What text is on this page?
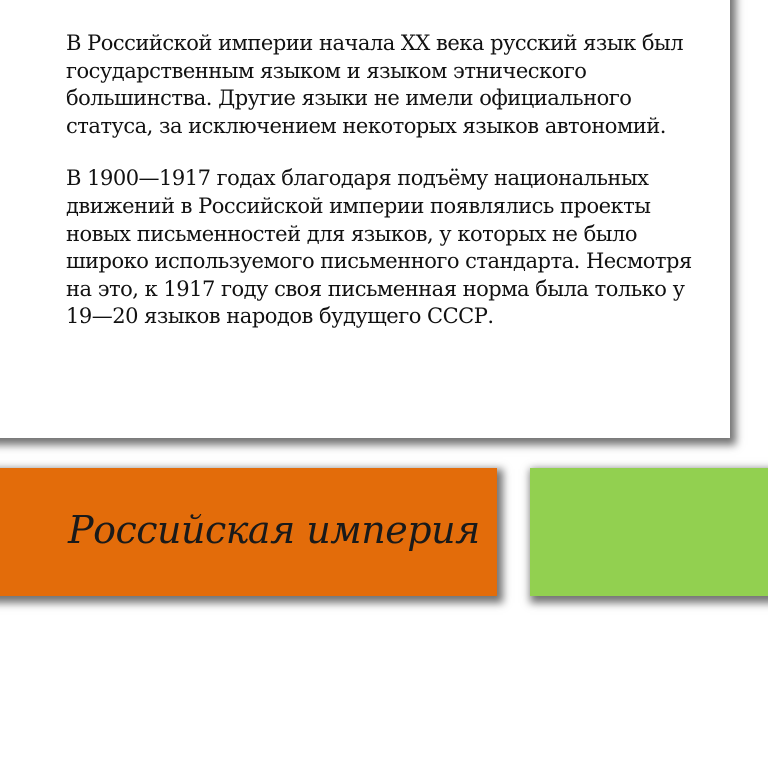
В Российской империи начала XX века русский язык был государственным языком и языком этнического большинства. Другие языки не имели официального статуса, за исключением некоторых языков автономий.

В 1900—1917 годах благодаря подъёму национальных движений в Российской империи появлялись проекты новых письменностей для языков, у которых не было широко используемого письменного стандарта. Несмотря на это, к 1917 году своя письменная норма была только у 19—20 языков народов будущего СССР.

Российская империя
